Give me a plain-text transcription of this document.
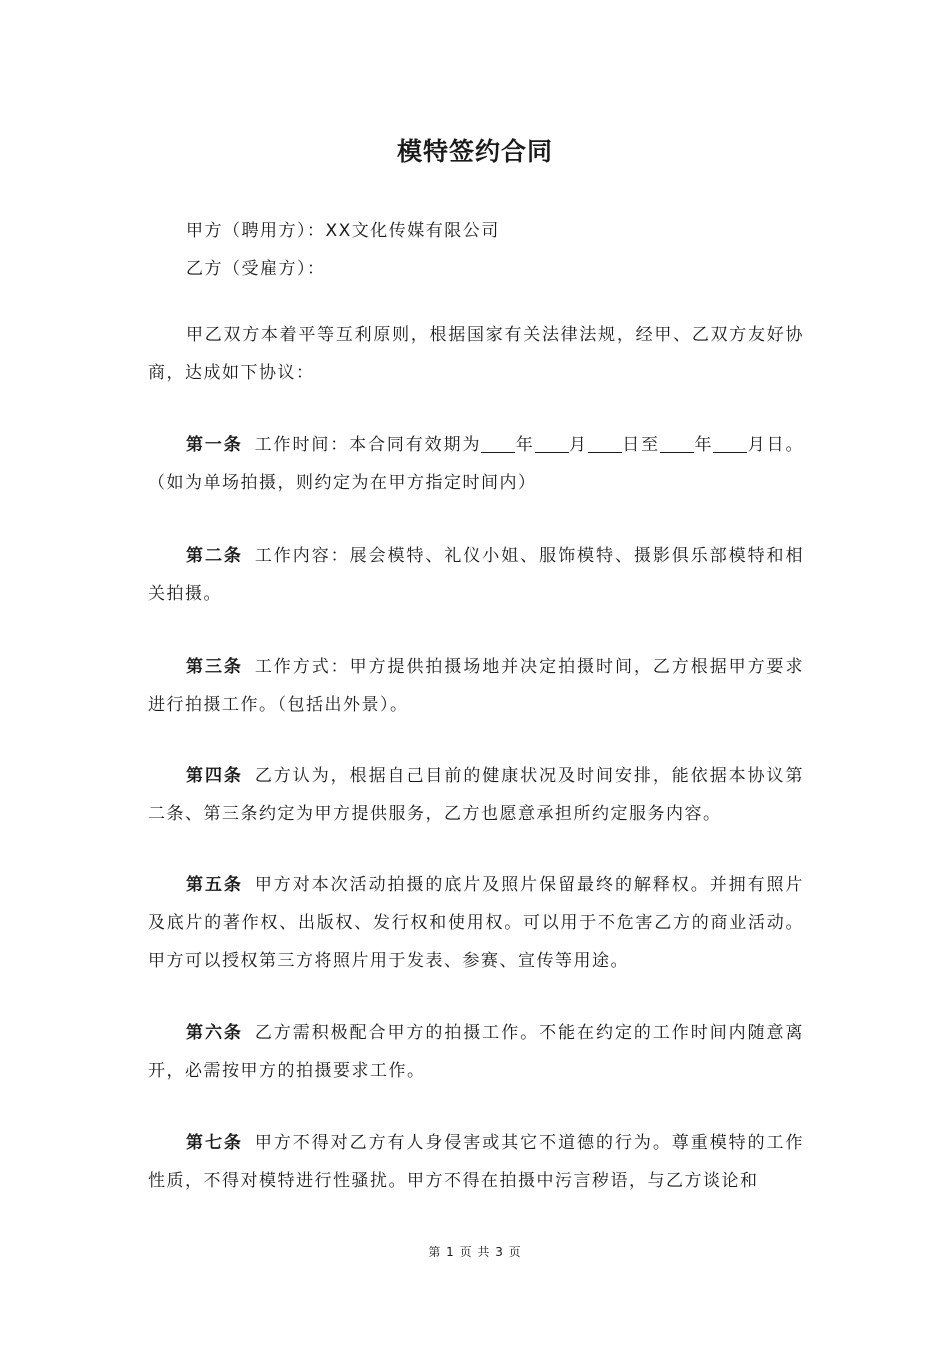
模特签约合同
甲方（聘用方）：XX文化传媒有限公司
乙方（受雇方）：
甲乙双方本着平等互利原则，根据国家有关法律法规，经甲、乙双方友好协商，达成如下协议：
第一条 工作时间：本合同有效期为 年 月 日至 年 月日。（如为单场拍摄，则约定为在甲方指定时间内）
第二条 工作内容：展会模特、礼仪小姐、服饰模特、摄影俱乐部模特和相关拍摄。
第三条 工作方式：甲方提供拍摄场地并决定拍摄时间，乙方根据甲方要求进行拍摄工作。（包括出外景）。
第四条 乙方认为，根据自己目前的健康状况及时间安排，能依据本协议第二条、第三条约定为甲方提供服务，乙方也愿意承担所约定服务内容。
第五条 甲方对本次活动拍摄的底片及照片保留最终的解释权。并拥有照片及底片的著作权、出版权、发行权和使用权。可以用于不危害乙方的商业活动。甲方可以授权第三方将照片用于发表、参赛、宣传等用途。
第六条 乙方需积极配合甲方的拍摄工作。不能在约定的工作时间内随意离开，必需按甲方的拍摄要求工作。
第七条 甲方不得对乙方有人身侵害或其它不道德的行为。尊重模特的工作性质，不得对模特进行性骚扰。甲方不得在拍摄中污言秽语，与乙方谈论和
第 1 页 共 3 页
